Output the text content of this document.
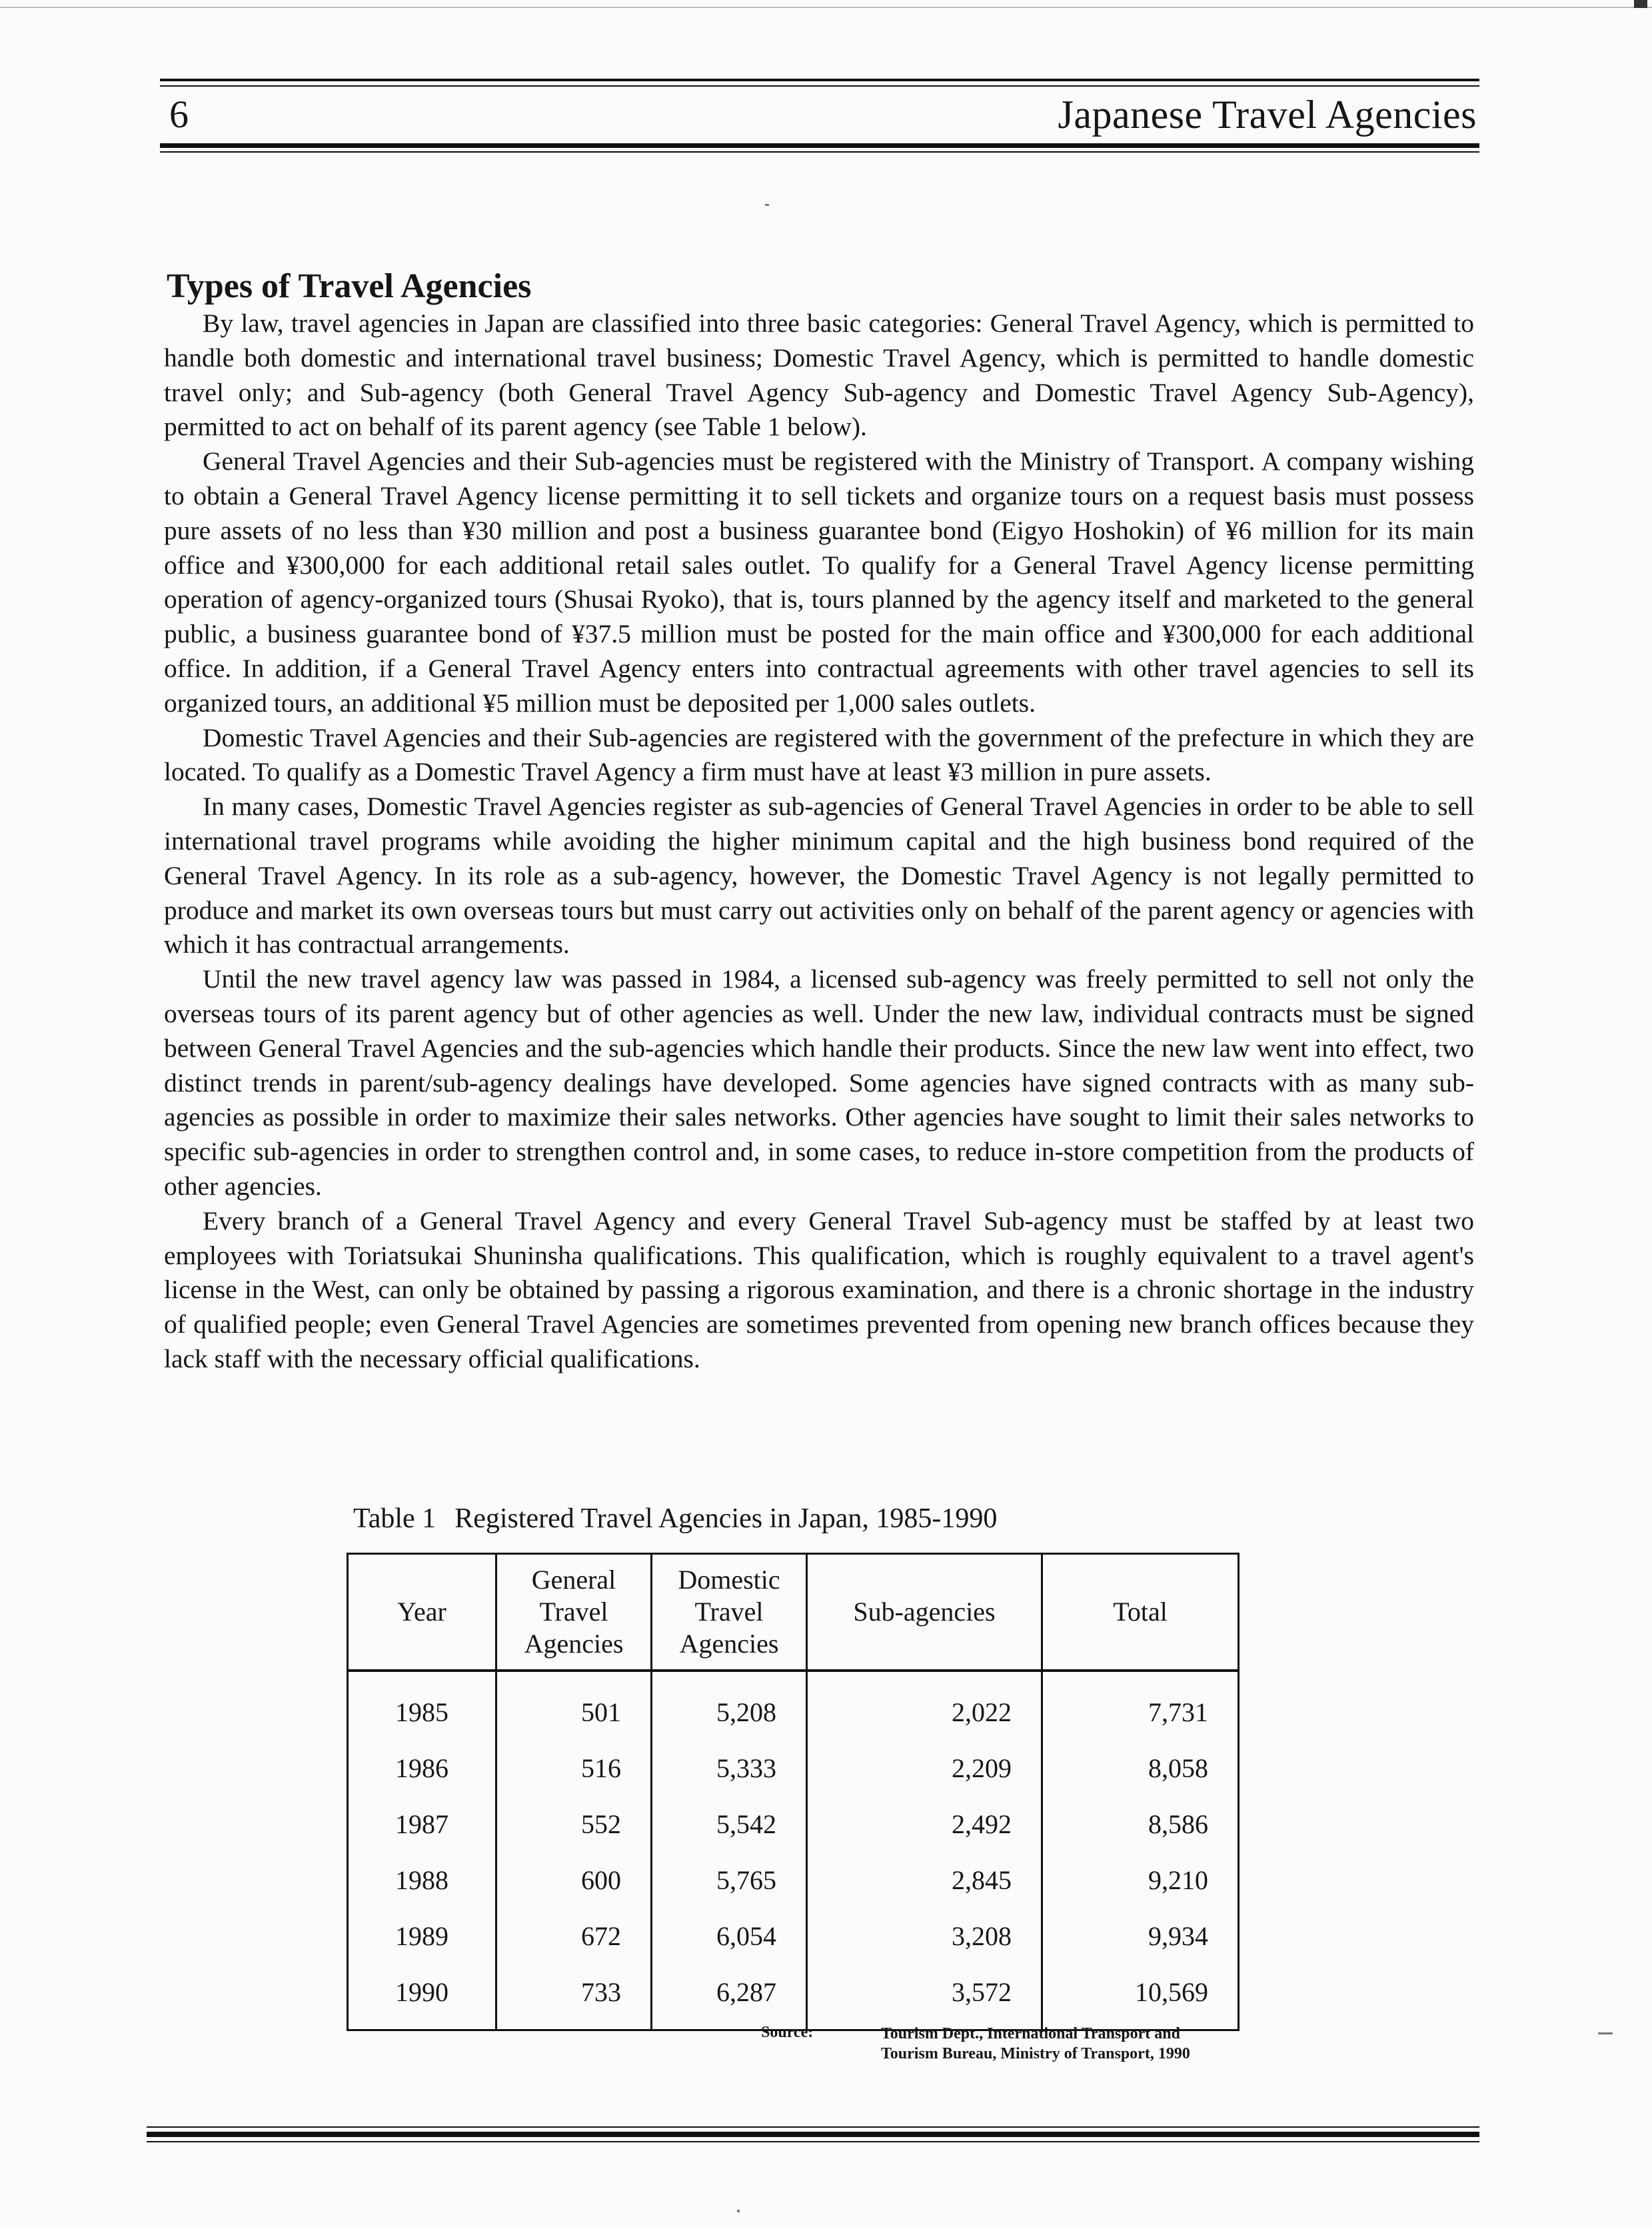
6	Japanese Travel Agencies
Types of Travel Agencies

By law, travel agencies in Japan are classified into three basic categories: General Travel Agency, which is permitted to handle both domestic and international travel business; Domestic Travel Agency, which is permitted to handle domestic travel only; and Sub-agency (both General Travel Agency Sub-agency and Domestic Travel Agency Sub-Agency), permitted to act on behalf of its parent agency (see Table 1 below).

General Travel Agencies and their Sub-agencies must be registered with the Ministry of Transport. A company wishing to obtain a General Travel Agency license permitting it to sell tickets and organize tours on a request basis must possess pure assets of no less than ¥30 million and post a business guarantee bond (Eigyo Hoshokin) of ¥6 million for its main office and ¥300,000 for each additional retail sales outlet. To qualify for a General Travel Agency license permitting operation of agency-organized tours (Shusai Ryoko), that is, tours planned by the agency itself and marketed to the general public, a business guarantee bond of ¥37.5 million must be posted for the main office and ¥300,000 for each additional office. In addition, if a General Travel Agency enters into contractual agreements with other travel agencies to sell its organized tours, an additional ¥5 million must be deposited per 1,000 sales outlets.

Domestic Travel Agencies and their Sub-agencies are registered with the government of the prefecture in which they are located. To qualify as a Domestic Travel Agency a firm must have at least ¥3 million in pure assets.

In many cases, Domestic Travel Agencies register as sub-agencies of General Travel Agencies in order to be able to sell international travel programs while avoiding the higher minimum capital and the high business bond required of the General Travel Agency. In its role as a sub-agency, however, the Domestic Travel Agency is not legally permitted to produce and market its own overseas tours but must carry out activities only on behalf of the parent agency or agencies with which it has contractual arrangements.

Until the new travel agency law was passed in 1984, a licensed sub-agency was freely permitted to sell not only the overseas tours of its parent agency but of other agencies as well. Under the new law, individual contracts must be signed between General Travel Agencies and the sub-agencies which handle their products. Since the new law went into effect, two distinct trends in parent/sub-agency dealings have developed. Some agencies have signed contracts with as many sub-agencies as possible in order to maximize their sales networks. Other agencies have sought to limit their sales networks to specific sub-agencies in order to strengthen control and, in some cases, to reduce in-store competition from the products of other agencies.

Every branch of a General Travel Agency and every General Travel Sub-agency must be staffed by at least two employees with Toriatsukai Shuninsha qualifications. This qualification, which is roughly equivalent to a travel agent's license in the West, can only be obtained by passing a rigorous examination, and there is a chronic shortage in the industry of qualified people; even General Travel Agencies are sometimes prevented from opening new branch offices because they lack staff with the necessary official qualifications.

Table 1 Registered Travel Agencies in Japan, 1985-1990
Year	General Travel Agencies	Domestic Travel Agencies	Sub-agencies	Total
1985	501	5,208	2,022	7,731
1986	516	5,333	2,209	8,058
1987	552	5,542	2,492	8,586
1988	600	5,765	2,845	9,210
1989	672	6,054	3,208	9,934
1990	733	6,287	3,572	10,569
Source:	Tourism Dept., International Transport and
Tourism Bureau, Ministry of Transport, 1990
